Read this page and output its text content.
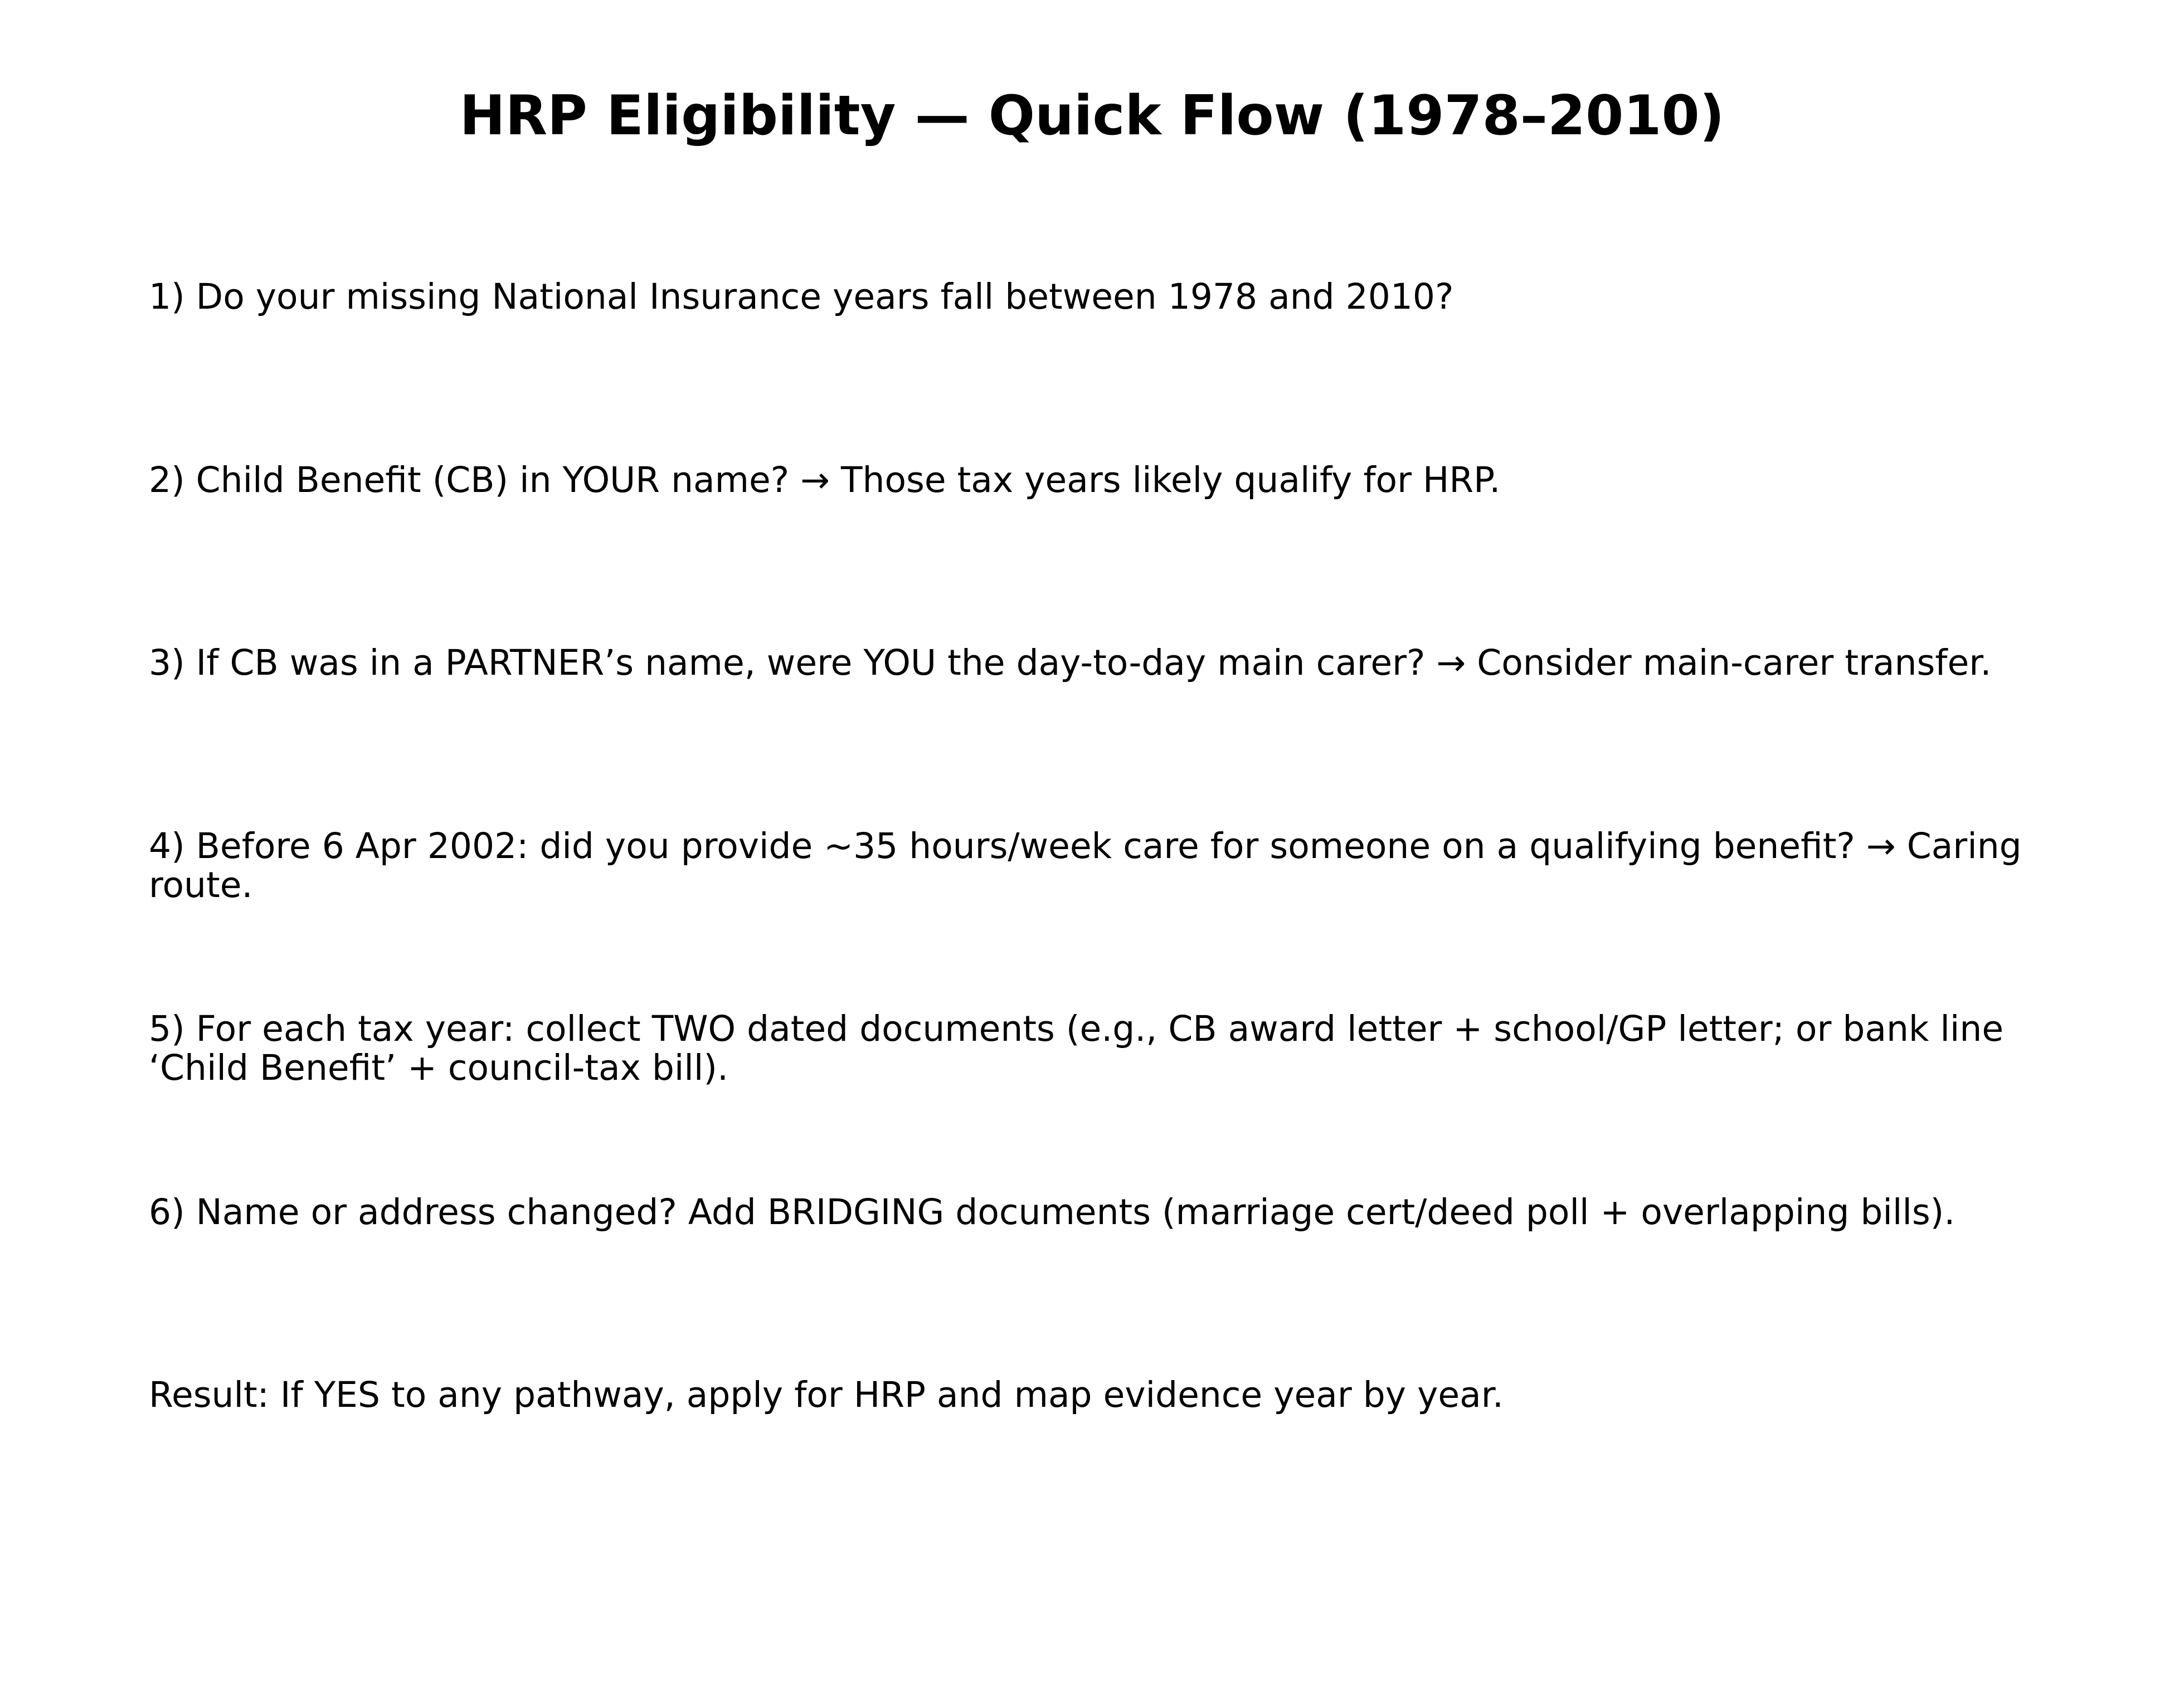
HRP Eligibility — Quick Flow (1978–2010)

1) Do your missing National Insurance years fall between 1978 and 2010?

2) Child Benefit (CB) in YOUR name? → Those tax years likely qualify for HRP.

3) If CB was in a PARTNER’s name, were YOU the day-to-day main carer? → Consider main-carer transfer.

4) Before 6 Apr 2002: did you provide ~35 hours/week care for someone on a qualifying benefit? → Caring
route.

5) For each tax year: collect TWO dated documents (e.g., CB award letter + school/GP letter; or bank line
‘Child Benefit’ + council-tax bill).

6) Name or address changed? Add BRIDGING documents (marriage cert/deed poll + overlapping bills).

Result: If YES to any pathway, apply for HRP and map evidence year by year.
